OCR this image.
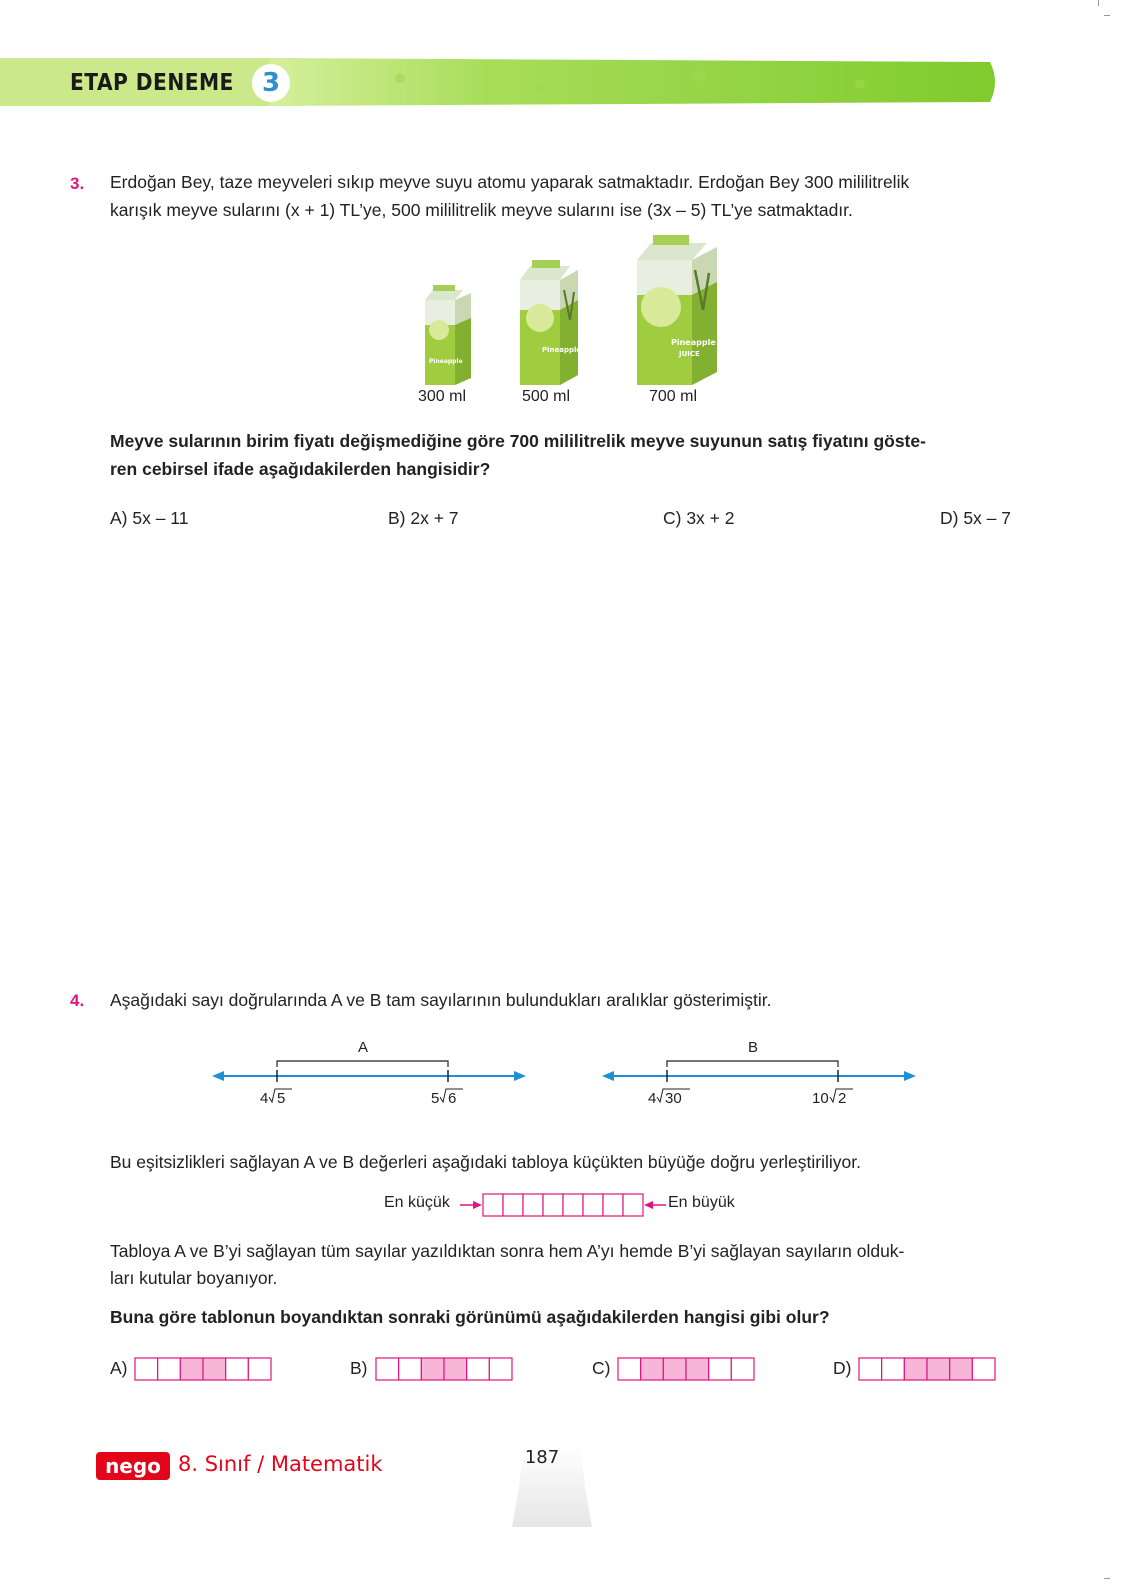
ETAP DENEME	3
3. Erdoğan Bey, taze meyveleri sıkıp meyve suyu atomu yaparak satmaktadır. Erdoğan Bey 300 mililitrelik
karışık meyve sularını (x + 1) TL’ye, 500 mililitrelik meyve sularını ise (3x – 5) TL’ye satmaktadır.
Pineapple
Pineapple
Pineapple
JUICE
300 ml	500 ml	700 ml
Meyve sularının birim fiyatı değişmediğine göre 700 mililitrelik meyve suyunun satış fiyatını göste-
ren cebirsel ifade aşağıdakilerden hangisidir?
A) 5x – 11	B) 2x + 7	C) 3x + 2	D) 5x – 7
4. Aşağıdaki sayı doğrularında A ve B tam sayılarının bulundukları aralıklar gösterimiştir.
A
4 5	5 6
B
4 30	10 2
Bu eşitsizlikleri sağlayan A ve B değerleri aşağıdaki tabloya küçükten büyüğe doğru yerleştiriliyor.
En küçük	En büyük
Tabloya A ve B’yi sağlayan tüm sayılar yazıldıktan sonra hem A’yı hemde B’yi sağlayan sayıların olduk-
ları kutular boyanıyor.
Buna göre tablonun boyandıktan sonraki görünümü aşağıdakilerden hangisi gibi olur?
A)	B)	C)	D)
nego 8. Sınıf / Matematik	187
